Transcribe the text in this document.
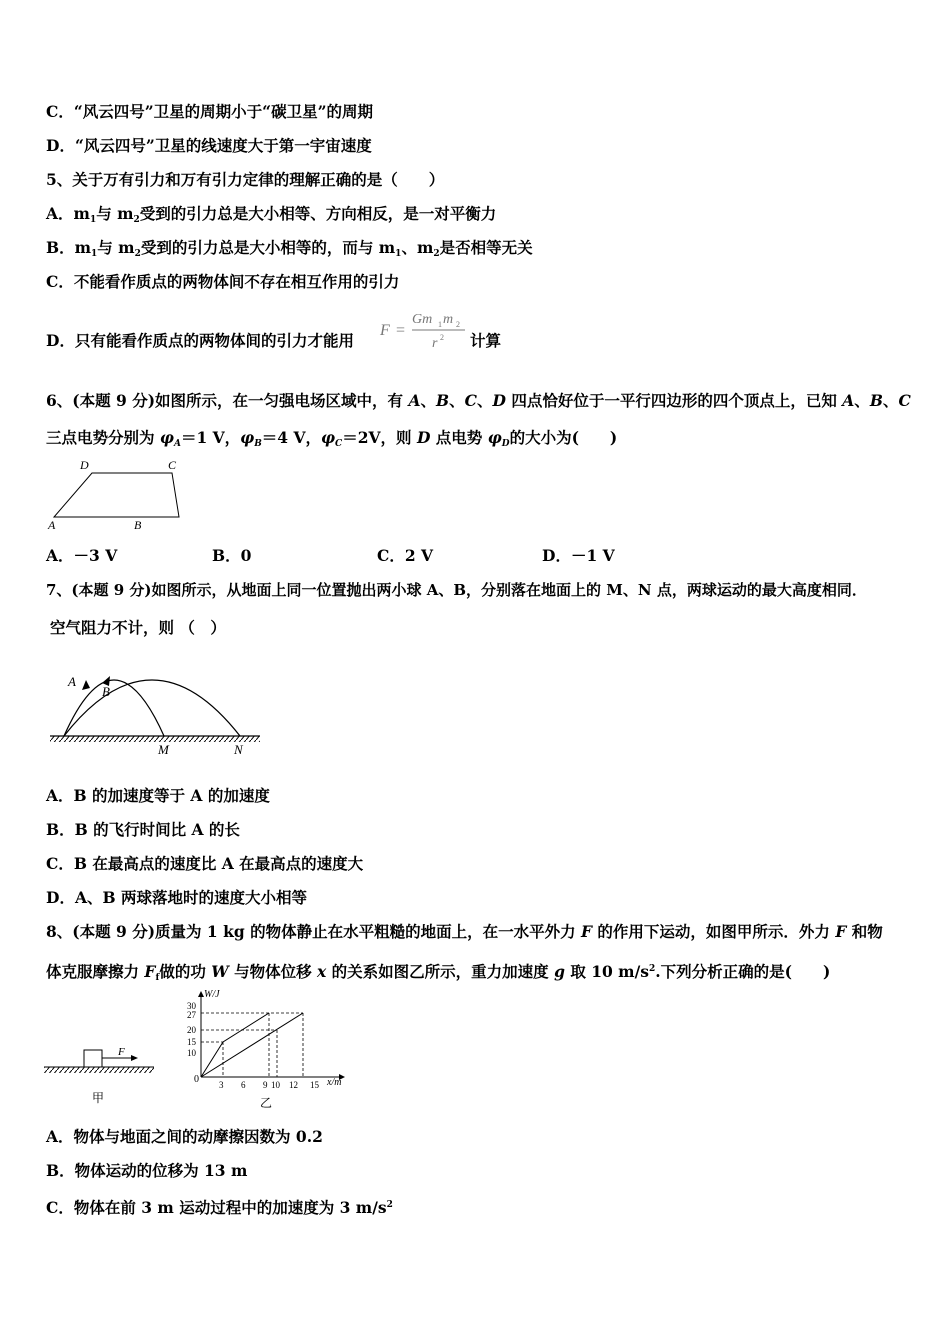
C．“风云四号”卫星的周期小于“碳卫星”的周期
D．“风云四号”卫星的线速度大于第一宇宙速度
5、关于万有引力和万有引力定律的理解正确的是（　　）
A．$m_1$与 $m_2$受到的引力总是大小相等、方向相反，是一对平衡力
B．$m_1$与 $m_2$受到的引力总是大小相等的，而与 $m_1$、$m_2$是否相等无关
C．不能看作质点的两物体间不存在相互作用的引力
D．只有能看作质点的两物体间的引力才能用
F =
Gm 1 m 2
r 2 计算
6、(本题 9 分)如图所示，在一匀强电场区域中，有 A、B、C、D 四点恰好位于一平行四边形的四个顶点上，已知 A、B、C
三点电势分别为 $\varphi_A=1$ V，$\varphi_B=4$ V，$\varphi_C=2V$，则 D 点电势 $\varphi_D$的大小为(　　)
A	B
C
D
A．－3 V	B．0	C．2 V	D．－1 V
7、(本题 9 分)如图所示，从地面上同一位置抛出两小球 A、B，分别落在地面上的 M、N 点，两球运动的最大高度相同．
空气阻力不计，则 （　）
A
B
M	N
A．B 的加速度等于 A 的加速度
B．B 的飞行时间比 A 的长
C．B 在最高点的速度比 A 在最高点的速度大
D．A、B 两球落地时的速度大小相等
8、(本题 9 分)质量为 1 kg 的物体静止在水平粗糙的地面上，在一水平外力 F 的作用下运动，如图甲所示．外力 F 和物
体克服摩擦力 $F_f$做的功 W 与物体位移 x 的关系如图乙所示，重力加速度 g 取 10 $m/s^2$.下列分析正确的是(　　)
F
甲
W/J
x/m
0
30
27
20
15
10
3 6 9 10 12 15
乙
A．物体与地面之间的动摩擦因数为 0.2
B．物体运动的位移为 13 m
C．物体在前 3 m 运动过程中的加速度为 3 $m/s^2$
